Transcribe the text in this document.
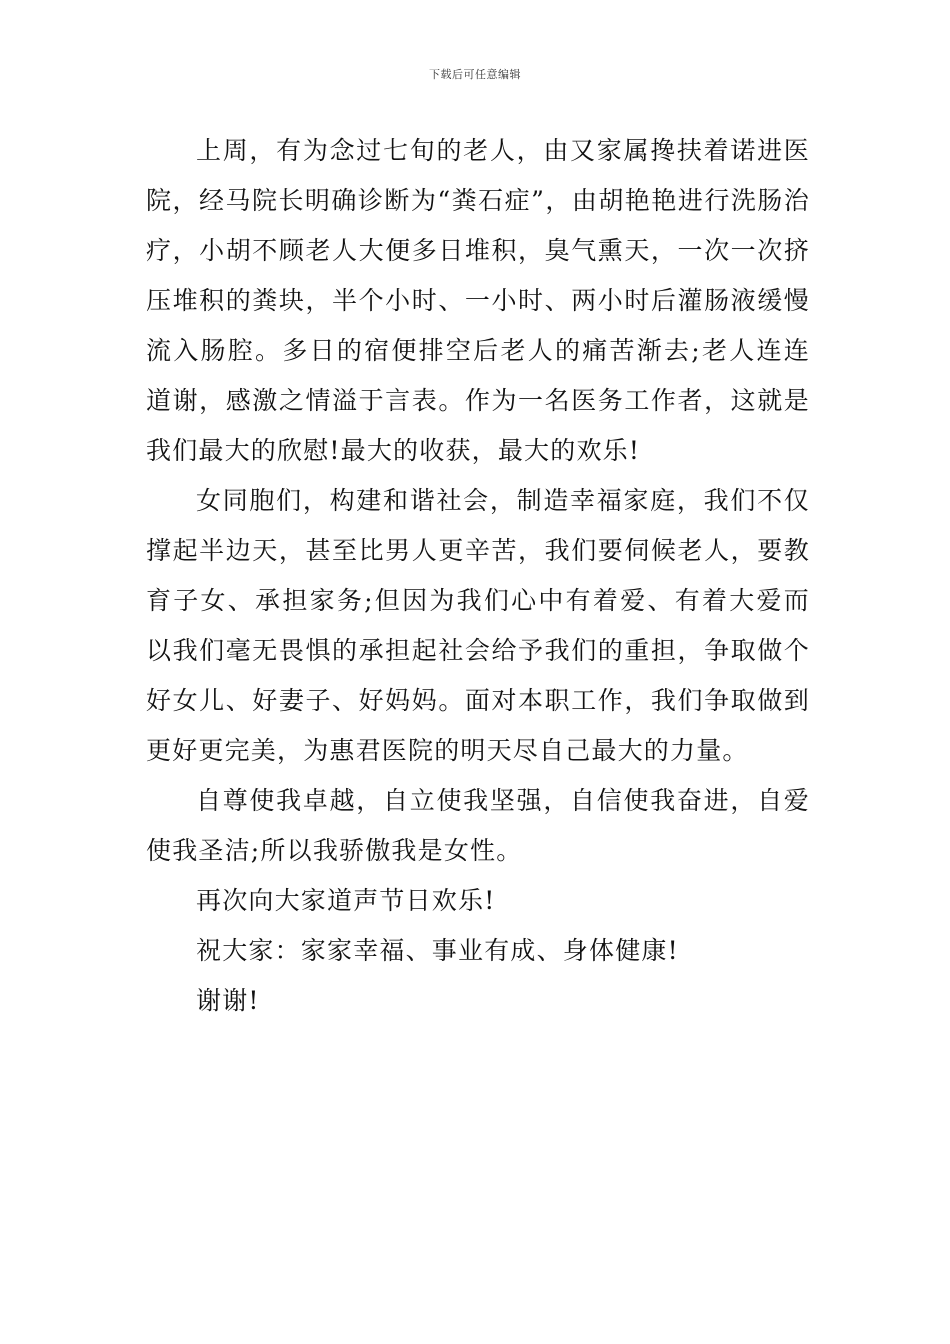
下载后可任意编辑

上周，有为念过七旬的老人，由又家属搀扶着诺进医院，经马院长明确诊断为“粪石症”，由胡艳艳进行洗肠治疗，小胡不顾老人大便多日堆积，臭气熏天，一次一次挤压堆积的粪块，半个小时、一小时、两小时后灌肠液缓慢流入肠腔。多日的宿便排空后老人的痛苦渐去;老人连连道谢，感激之情溢于言表。作为一名医务工作者，这就是我们最大的欣慰!最大的收获，最大的欢乐!

女同胞们，构建和谐社会，制造幸福家庭，我们不仅撑起半边天，甚至比男人更辛苦，我们要伺候老人，要教育子女、承担家务;但因为我们心中有着爱、有着大爱而以我们毫无畏惧的承担起社会给予我们的重担，争取做个好女儿、好妻子、好妈妈。面对本职工作，我们争取做到更好更完美，为惠君医院的明天尽自己最大的力量。

自尊使我卓越，自立使我坚强，自信使我奋进，自爱使我圣洁;所以我骄傲我是女性。

再次向大家道声节日欢乐!

祝大家：家家幸福、事业有成、身体健康!

谢谢!
